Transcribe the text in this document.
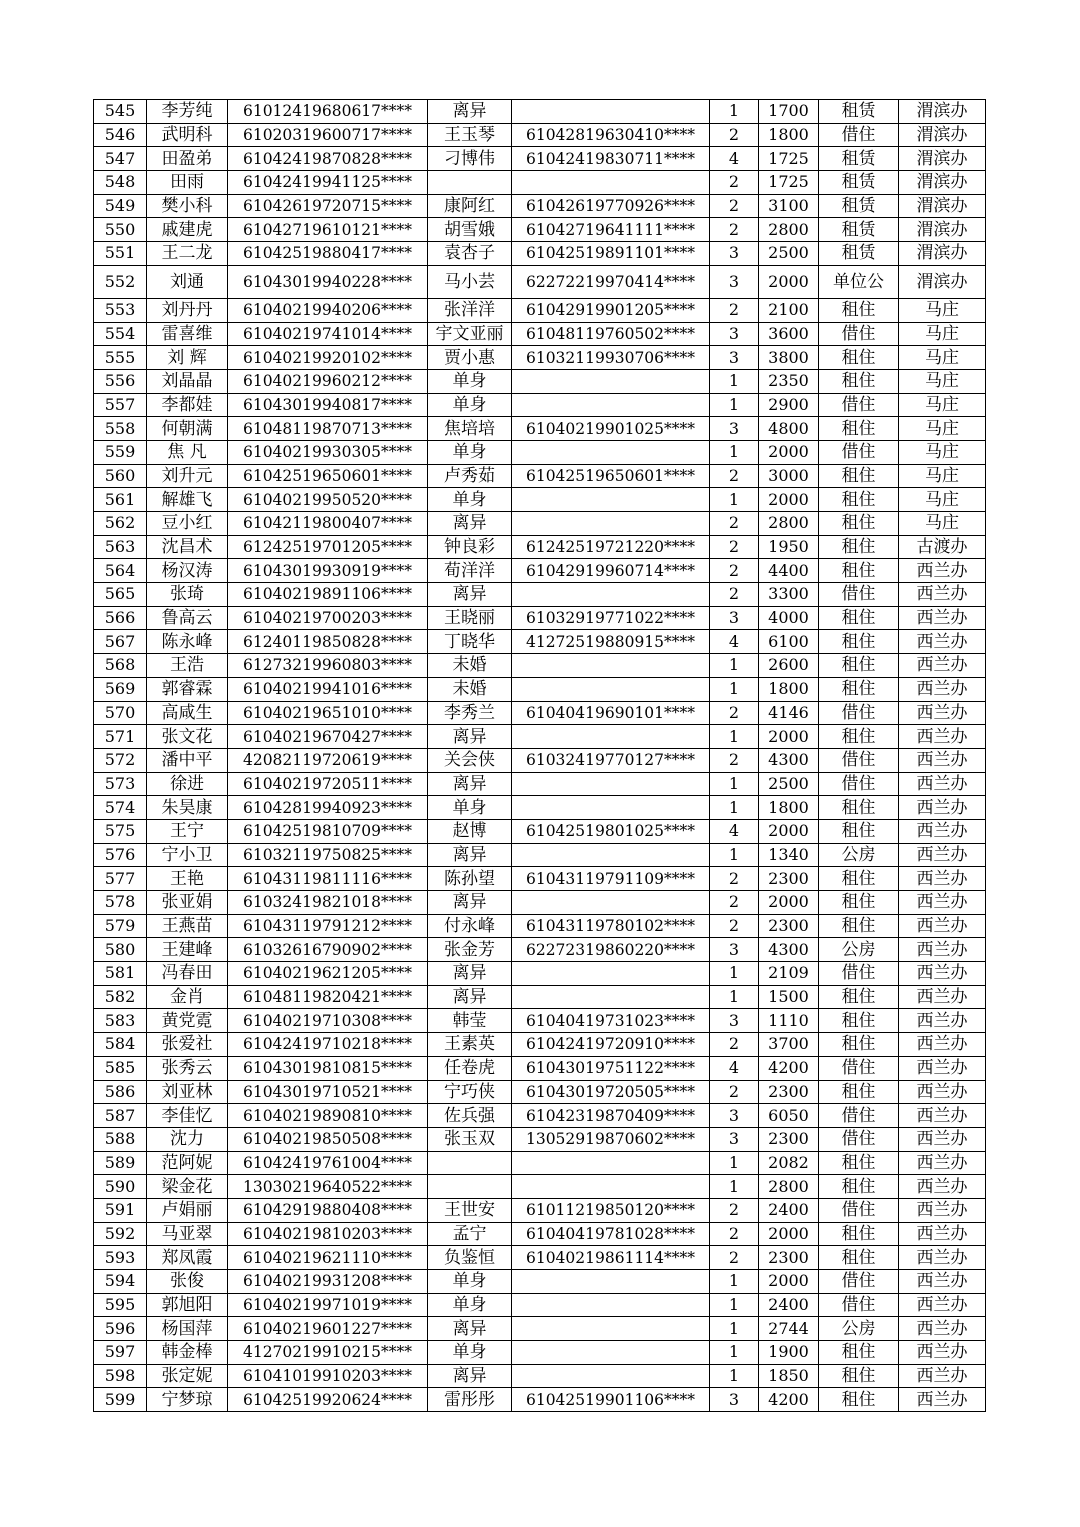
545	李芳纯	61012419680617****	离异		1	1700	租赁	渭滨办
546	武明科	61020319600717****	王玉琴	61042819630410****	2	1800	借住	渭滨办
547	田盈弟	61042419870828****	刁博伟	61042419830711****	4	1725	租赁	渭滨办
548	田雨	61042419941125****			2	1725	租赁	渭滨办
549	樊小科	61042619720715****	康阿红	61042619770926****	2	3100	租赁	渭滨办
550	戚建虎	61042719610121****	胡雪娥	61042719641111****	2	2800	租赁	渭滨办
551	王二龙	61042519880417****	袁杏子	61042519891101****	3	2500	租赁	渭滨办
552	刘通	61043019940228****	马小芸	62272219970414****	3	2000	单位公	渭滨办
553	刘丹丹	61040219940206****	张洋洋	61042919901205****	2	2100	租住	马庄
554	雷喜维	61040219741014****	宇文亚丽	61048119760502****	3	3600	借住	马庄
555	刘 辉	61040219920102****	贾小惠	61032119930706****	3	3800	租住	马庄
556	刘晶晶	61040219960212****	单身		1	2350	租住	马庄
557	李都娃	61043019940817****	单身		1	2900	借住	马庄
558	何朝满	61048119870713****	焦培培	61040219901025****	3	4800	租住	马庄
559	焦 凡	61040219930305****	单身		1	2000	借住	马庄
560	刘升元	61042519650601****	卢秀茹	61042519650601****	2	3000	租住	马庄
561	解雄飞	61040219950520****	单身		1	2000	租住	马庄
562	豆小红	61042119800407****	离异		2	2800	租住	马庄
563	沈昌术	61242519701205****	钟良彩	61242519721220****	2	1950	租住	古渡办
564	杨汉涛	61043019930919****	荀洋洋	61042919960714****	2	4400	租住	西兰办
565	张琦	61040219891106****	离异		2	3300	借住	西兰办
566	鲁高云	61040219700203****	王晓丽	61032919771022****	3	4000	租住	西兰办
567	陈永峰	61240119850828****	丁晓华	41272519880915****	4	6100	租住	西兰办
568	王浩	61273219960803****	未婚		1	2600	租住	西兰办
569	郭睿霖	61040219941016****	未婚		1	1800	租住	西兰办
570	高咸生	61040219651010****	李秀兰	61040419690101****	2	4146	借住	西兰办
571	张文花	61040219670427****	离异		1	2000	租住	西兰办
572	潘中平	42082119720619****	关会侠	61032419770127****	2	4300	借住	西兰办
573	徐进	61040219720511****	离异		1	2500	借住	西兰办
574	朱昊康	61042819940923****	单身		1	1800	租住	西兰办
575	王宁	61042519810709****	赵博	61042519801025****	4	2000	租住	西兰办
576	宁小卫	61032119750825****	离异		1	1340	公房	西兰办
577	王艳	61043119811116****	陈孙望	61043119791109****	2	2300	租住	西兰办
578	张亚娟	61032419821018****	离异		2	2000	租住	西兰办
579	王燕苗	61043119791212****	付永峰	61043119780102****	2	2300	租住	西兰办
580	王建峰	61032616790902****	张金芳	62272319860220****	3	4300	公房	西兰办
581	冯春田	61040219621205****	离异		1	2109	借住	西兰办
582	金肖	61048119820421****	离异		1	1500	租住	西兰办
583	黄党霓	61040219710308****	韩莹	61040419731023****	3	1110	租住	西兰办
584	张爱社	61042419710218****	王素英	61042419720910****	2	3700	租住	西兰办
585	张秀云	61043019810815****	任卷虎	61043019751122****	4	4200	借住	西兰办
586	刘亚林	61043019710521****	宁巧侠	61043019720505****	2	2300	租住	西兰办
587	李佳忆	61040219890810****	佐兵强	61042319870409****	3	6050	借住	西兰办
588	沈力	61040219850508****	张玉双	13052919870602****	3	2300	借住	西兰办
589	范阿妮	61042419761004****			1	2082	租住	西兰办
590	梁金花	13030219640522****			1	2800	租住	西兰办
591	卢娟丽	61042919880408****	王世安	61011219850120****	2	2400	借住	西兰办
592	马亚翠	61040219810203****	孟宁	61040419781028****	2	2000	租住	西兰办
593	郑凤霞	61040219621110****	负鉴恒	61040219861114****	2	2300	租住	西兰办
594	张俊	61040219931208****	单身		1	2000	借住	西兰办
595	郭旭阳	61040219971019****	单身		1	2400	借住	西兰办
596	杨国萍	61040219601227****	离异		1	2744	公房	西兰办
597	韩金棒	41270219910215****	单身		1	1900	租住	西兰办
598	张定妮	61041019910203****	离异		1	1850	租住	西兰办
599	宁梦琼	61042519920624****	雷彤彤	61042519901106****	3	4200	租住	西兰办
